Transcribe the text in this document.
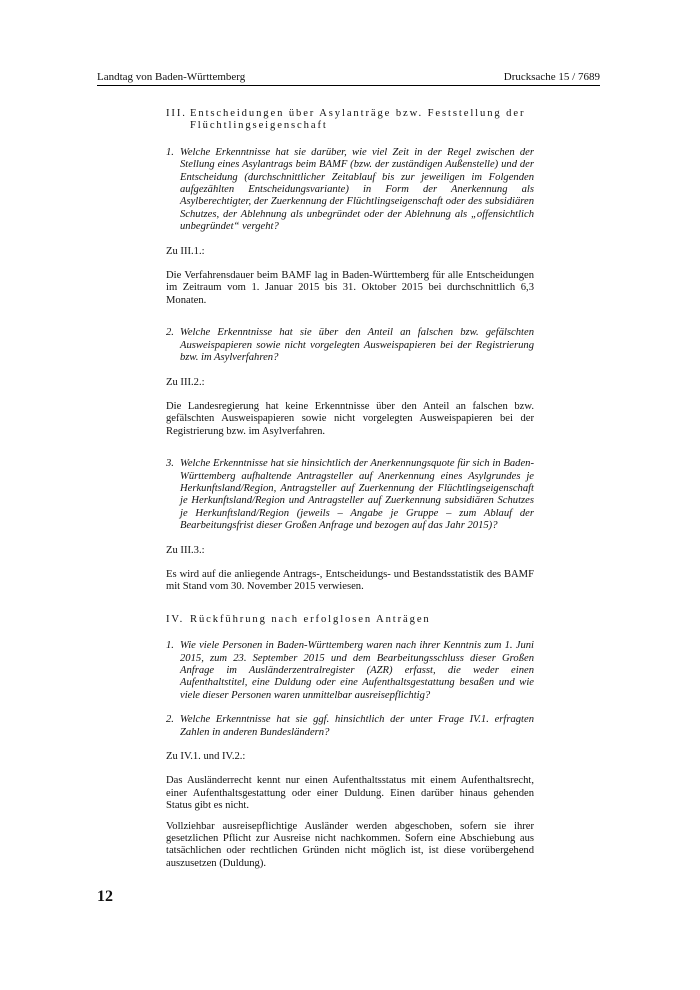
Landtag von Baden-Württemberg	Drucksache 15 / 7689
III. Entscheidungen über Asylanträge bzw. Feststellung der Flüchtlingseigenschaft
1. Welche Erkenntnisse hat sie darüber, wie viel Zeit in der Regel zwischen der Stellung eines Asylantrags beim BAMF (bzw. der zuständigen Außenstelle) und der Entscheidung (durchschnittlicher Zeitablauf bis zur jeweiligen im Folgenden aufgezählten Entscheidungsvariante) in Form der Anerkennung als Asylberechtigter, der Zuerkennung der Flüchtlingseigenschaft oder des subsidiären Schutzes, der Ablehnung als unbegründet oder der Ablehnung als „offensichtlich unbegründet“ vergeht?

Zu III.1.:

Die Verfahrensdauer beim BAMF lag in Baden-Württemberg für alle Entscheidungen im Zeitraum vom 1. Januar 2015 bis 31. Oktober 2015 bei durchschnittlich 6,3 Monaten.

2. Welche Erkenntnisse hat sie über den Anteil an falschen bzw. gefälschten Ausweispapieren sowie nicht vorgelegten Ausweispapieren bei der Registrierung bzw. im Asylverfahren?

Zu III.2.:

Die Landesregierung hat keine Erkenntnisse über den Anteil an falschen bzw. gefälschten Ausweispapieren sowie nicht vorgelegten Ausweispapieren bei der Registrierung bzw. im Asylverfahren.

3. Welche Erkenntnisse hat sie hinsichtlich der Anerkennungsquote für sich in Baden-Württemberg aufhaltende Antragsteller auf Anerkennung eines Asylgrundes je Herkunftsland/Region, Antragsteller auf Zuerkennung der Flüchtlingseigenschaft je Herkunftsland/Region und Antragsteller auf Zuerkennung subsidiären Schutzes je Herkunftsland/Region (jeweils – Angabe je Gruppe – zum Ablauf der Bearbeitungsfrist dieser Großen Anfrage und bezogen auf das Jahr 2015)?

Zu III.3.:

Es wird auf die anliegende Antrags-, Entscheidungs- und Bestandsstatistik des BAMF mit Stand vom 30. November 2015 verwiesen.

IV. Rückführung nach erfolglosen Anträgen
1. Wie viele Personen in Baden-Württemberg waren nach ihrer Kenntnis zum 1. Juni 2015, zum 23. September 2015 und dem Bearbeitungsschluss dieser Großen Anfrage im Ausländerzentralregister (AZR) erfasst, die weder einen Aufenthaltstitel, eine Duldung oder eine Aufenthaltsgestattung besaßen und wie viele dieser Personen waren unmittelbar ausreisepflichtig?
2. Welche Erkenntnisse hat sie ggf. hinsichtlich der unter Frage IV.1. erfragten Zahlen in anderen Bundesländern?

Zu IV.1. und IV.2.:

Das Ausländerrecht kennt nur einen Aufenthaltsstatus mit einem Aufenthaltsrecht, einer Aufenthaltsgestattung oder einer Duldung. Einen darüber hinaus gehenden Status gibt es nicht.

Vollziehbar ausreisepflichtige Ausländer werden abgeschoben, sofern sie ihrer gesetzlichen Pflicht zur Ausreise nicht nachkommen. Sofern eine Abschiebung aus tatsächlichen oder rechtlichen Gründen nicht möglich ist, ist diese vorübergehend auszusetzen (Duldung).

12
